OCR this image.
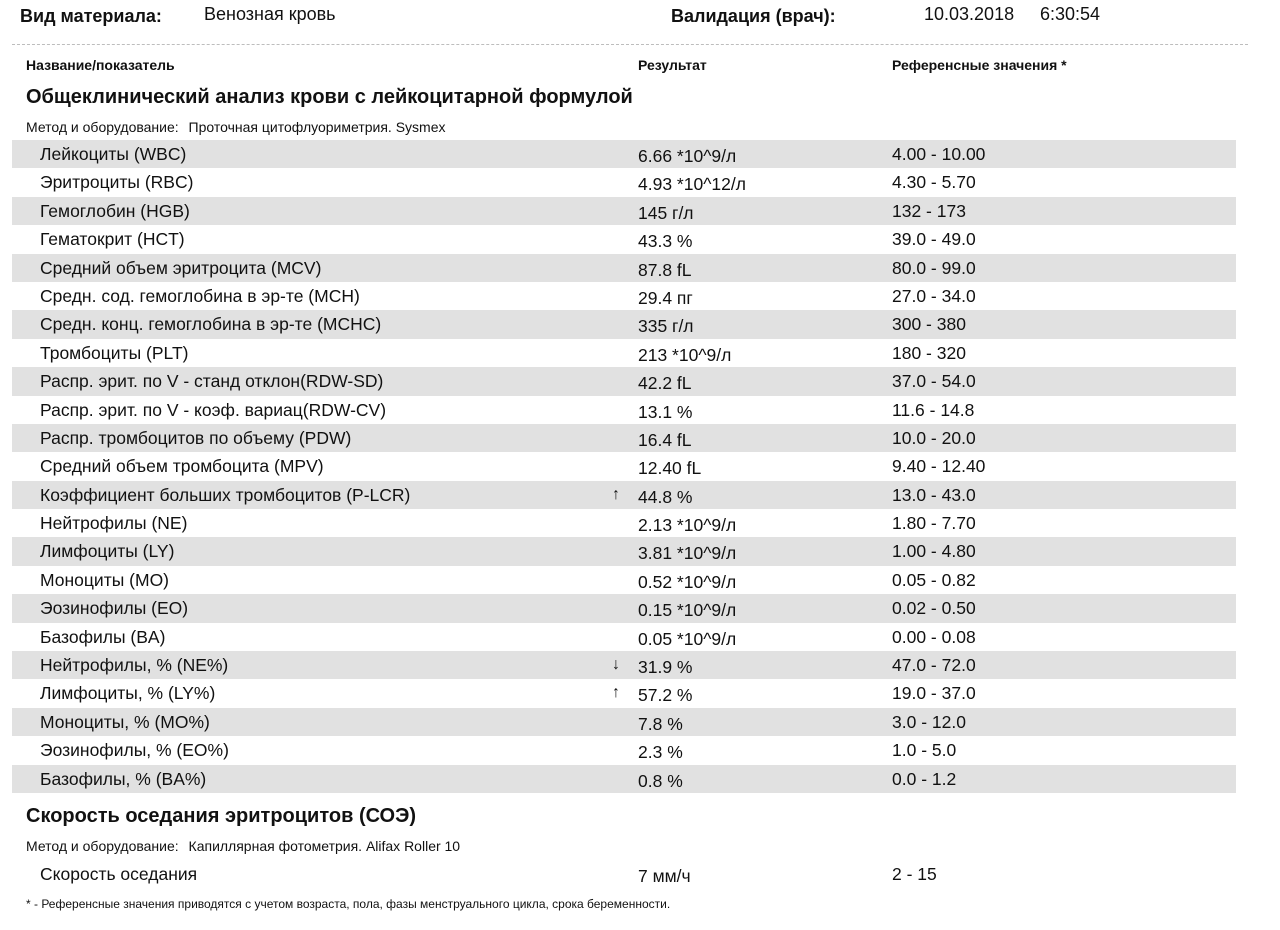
Вид материала: Венозная кровь	Валидация (врач):	10.03.2018 6:30:54
Название/показатель	Результат	Референсные значения *
Общеклинический анализ крови с лейкоцитарной формулой
Метод и оборудование: Проточная цитофлуориметрия. Sysmex
Лейкоциты (WBC)	6.66 *10^9/л	4.00 - 10.00
Эритроциты (RBC)	4.93 *10^12/л	4.30 - 5.70
Гемоглобин (HGB)	145 г/л	132 - 173
Гематокрит (HCT)	43.3 %	39.0 - 49.0
Средний объем эритроцита (MCV)	87.8 fL	80.0 - 99.0
Средн. сод. гемоглобина в эр-те (MCH)	29.4 пг	27.0 - 34.0
Средн. конц. гемоглобина в эр-те (MCHC)	335 г/л	300 - 380
Тромбоциты (PLT)	213 *10^9/л	180 - 320
Распр. эрит. по V - станд отклон(RDW-SD)	42.2 fL	37.0 - 54.0
Распр. эрит. по V - коэф. вариац(RDW-CV)	13.1 %	11.6 - 14.8
Распр. тромбоцитов по объему (PDW)	16.4 fL	10.0 - 20.0
Средний объем тромбоцита (MPV)	12.40 fL	9.40 - 12.40
Коэффициент больших тромбоцитов (P-LCR)	↑ 44.8 %	13.0 - 43.0
Нейтрофилы (NE)	2.13 *10^9/л	1.80 - 7.70
Лимфоциты (LY)	3.81 *10^9/л	1.00 - 4.80
Моноциты (MO)	0.52 *10^9/л	0.05 - 0.82
Эозинофилы (EO)	0.15 *10^9/л	0.02 - 0.50
Базофилы (BA)	0.05 *10^9/л	0.00 - 0.08
Нейтрофилы, % (NE%)	↓ 31.9 %	47.0 - 72.0
Лимфоциты, % (LY%)	↑ 57.2 %	19.0 - 37.0
Моноциты, % (MO%)	7.8 %	3.0 - 12.0
Эозинофилы, % (EO%)	2.3 %	1.0 - 5.0
Базофилы, % (BA%)	0.8 %	0.0 - 1.2
Скорость оседания эритроцитов (СОЭ)
Метод и оборудование: Капиллярная фотометрия. Alifax Roller 10
Скорость оседания	7 мм/ч	2 - 15
* - Референсные значения приводятся с учетом возраста, пола, фазы менструального цикла, срока беременности.
